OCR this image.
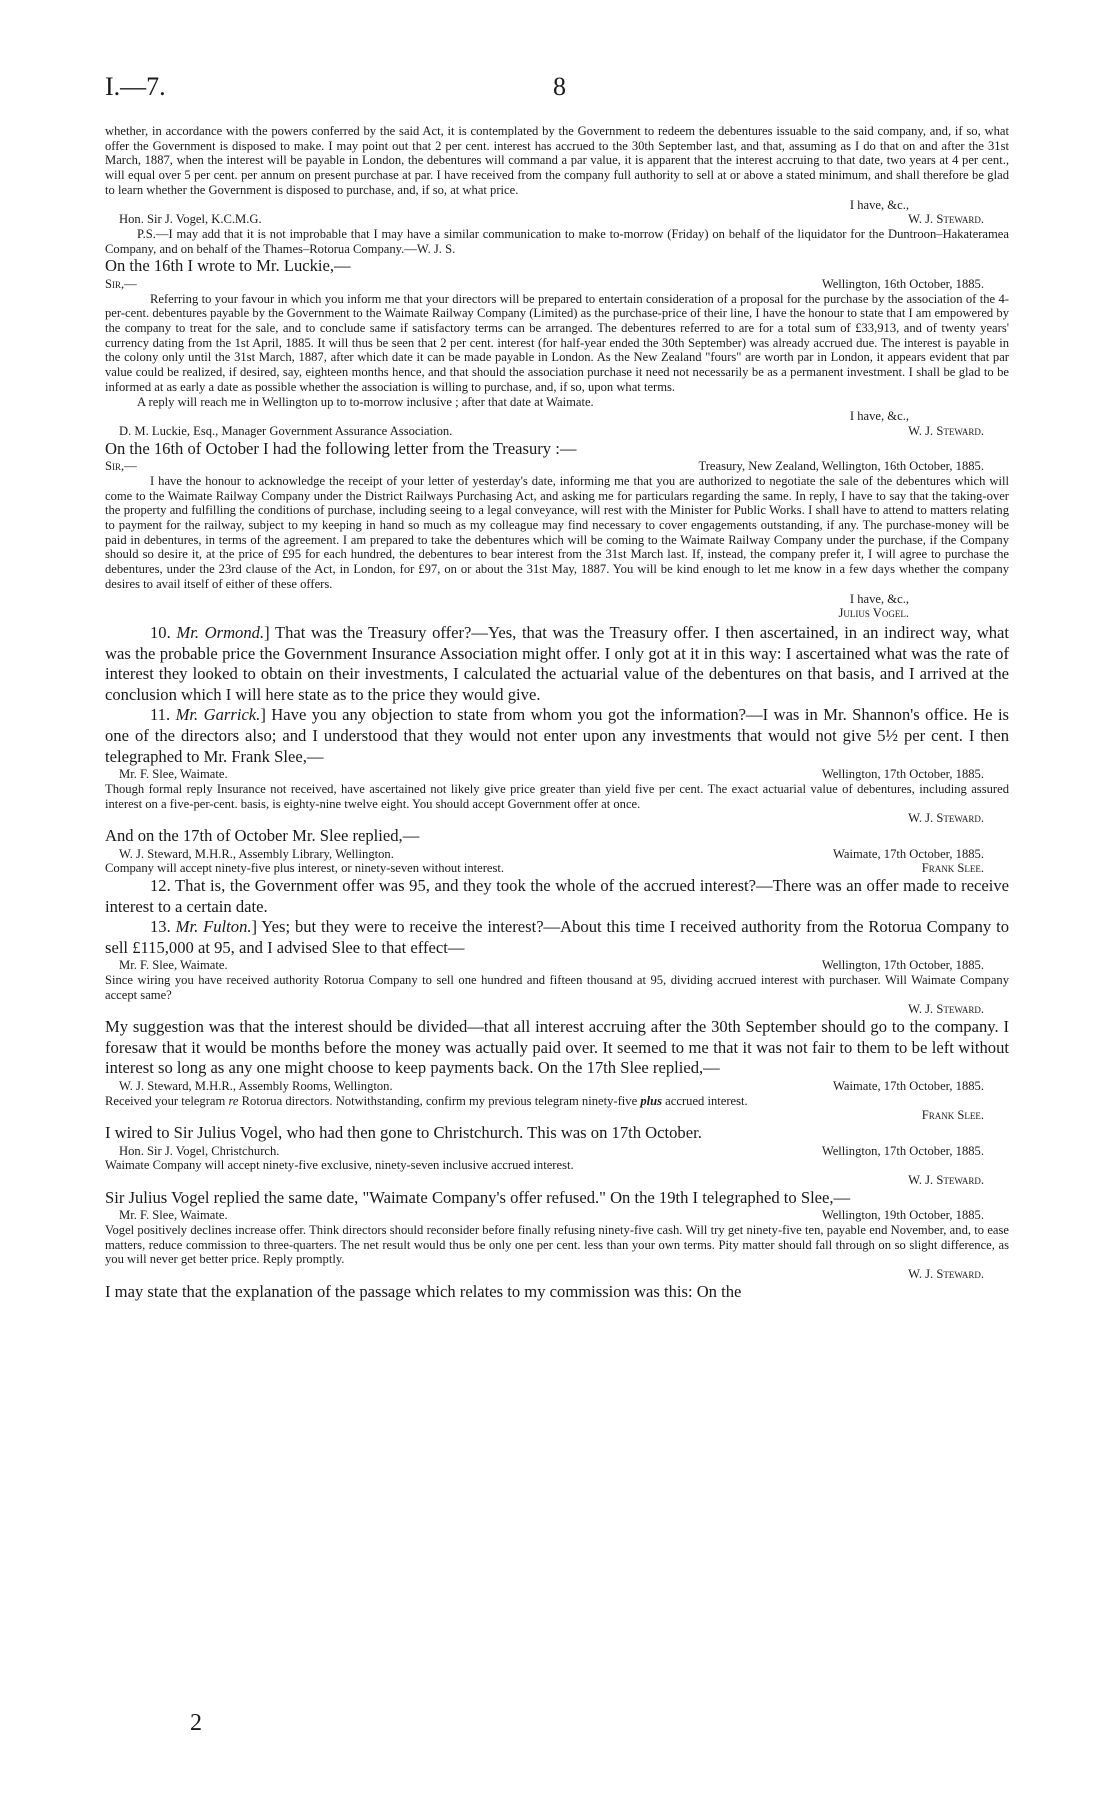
I.—7.	8

whether, in accordance with the powers conferred by the said Act, it is contemplated by the Government to redeem the debentures issuable to the said company, and, if so, what offer the Government is disposed to make. I may point out that 2 per cent. interest has accrued to the 30th September last, and that, assuming as I do that on and after the 31st March, 1887, when the interest will be payable in London, the debentures will command a par value, it is apparent that the interest accruing to that date, two years at 4 per cent., will equal over 5 per cent. per annum on present purchase at par. I have received from the company full authority to sell at or above a stated minimum, and shall therefore be glad to learn whether the Government is disposed to purchase, and, if so, at what price.

I have, &c.,

Hon. Sir J. Vogel, K.C.M.G.	W. J. Steward.

P.S.—I may add that it is not improbable that I may have a similar communication to make to-morrow (Friday) on behalf of the liquidator for the Duntroon–Hakateramea Company, and on behalf of the Thames–Rotorua Company.—W. J. S.

On the 16th I wrote to Mr. Luckie,—

Sir,—	Wellington, 16th October, 1885.

Referring to your favour in which you inform me that your directors will be prepared to entertain consideration of a proposal for the purchase by the association of the 4-per-cent. debentures payable by the Government to the Waimate Railway Company (Limited) as the purchase-price of their line, I have the honour to state that I am empowered by the company to treat for the sale, and to conclude same if satisfactory terms can be arranged. The debentures referred to are for a total sum of £33,913, and of twenty years' currency dating from the 1st April, 1885. It will thus be seen that 2 per cent. interest (for half-year ended the 30th September) was already accrued due. The interest is payable in the colony only until the 31st March, 1887, after which date it can be made payable in London. As the New Zealand "fours" are worth par in London, it appears evident that par value could be realized, if desired, say, eighteen months hence, and that should the association purchase it need not necessarily be as a permanent investment. I shall be glad to be informed at as early a date as possible whether the association is willing to purchase, and, if so, upon what terms.

A reply will reach me in Wellington up to to-morrow inclusive ; after that date at Waimate.

I have, &c.,

D. M. Luckie, Esq., Manager Government Assurance Association.	W. J. Steward.

On the 16th of October I had the following letter from the Treasury :—

Sir,—	Treasury, New Zealand, Wellington, 16th October, 1885.

I have the honour to acknowledge the receipt of your letter of yesterday's date, informing me that you are authorized to negotiate the sale of the debentures which will come to the Waimate Railway Company under the District Railways Purchasing Act, and asking me for particulars regarding the same. In reply, I have to say that the taking-over the property and fulfilling the conditions of purchase, including seeing to a legal conveyance, will rest with the Minister for Public Works. I shall have to attend to matters relating to payment for the railway, subject to my keeping in hand so much as my colleague may find necessary to cover engagements outstanding, if any. The purchase-money will be paid in debentures, in terms of the agreement. I am prepared to take the debentures which will be coming to the Waimate Railway Company under the purchase, if the Company should so desire it, at the price of £95 for each hundred, the debentures to bear interest from the 31st March last. If, instead, the company prefer it, I will agree to purchase the debentures, under the 23rd clause of the Act, in London, for £97, on or about the 31st May, 1887. You will be kind enough to let me know in a few days whether the company desires to avail itself of either of these offers.

I have, &c.,

Julius Vogel.

10. Mr. Ormond.] That was the Treasury offer?—Yes, that was the Treasury offer. I then ascertained, in an indirect way, what was the probable price the Government Insurance Association might offer. I only got at it in this way: I ascertained what was the rate of interest they looked to obtain on their investments, I calculated the actuarial value of the debentures on that basis, and I arrived at the conclusion which I will here state as to the price they would give.

11. Mr. Garrick.] Have you any objection to state from whom you got the information?—I was in Mr. Shannon's office. He is one of the directors also; and I understood that they would not enter upon any investments that would not give 5½ per cent. I then telegraphed to Mr. Frank Slee,—

Mr. F. Slee, Waimate.	Wellington, 17th October, 1885.

Though formal reply Insurance not received, have ascertained not likely give price greater than yield five per cent. The exact actuarial value of debentures, including assured interest on a five-per-cent. basis, is eighty-nine twelve eight. You should accept Government offer at once.

W. J. Steward.

And on the 17th of October Mr. Slee replied,—

W. J. Steward, M.H.R., Assembly Library, Wellington.	Waimate, 17th October, 1885.
Company will accept ninety-five plus interest, or ninety-seven without interest.	Frank Slee.

12. That is, the Government offer was 95, and they took the whole of the accrued interest?—There was an offer made to receive interest to a certain date.

13. Mr. Fulton.] Yes; but they were to receive the interest?—About this time I received authority from the Rotorua Company to sell £115,000 at 95, and I advised Slee to that effect—

Mr. F. Slee, Waimate.	Wellington, 17th October, 1885.

Since wiring you have received authority Rotorua Company to sell one hundred and fifteen thousand at 95, dividing accrued interest with purchaser. Will Waimate Company accept same?

W. J. Steward.

My suggestion was that the interest should be divided—that all interest accruing after the 30th September should go to the company. I foresaw that it would be months before the money was actually paid over. It seemed to me that it was not fair to them to be left without interest so long as any one might choose to keep payments back. On the 17th Slee replied,—

W. J. Steward, M.H.R., Assembly Rooms, Wellington.	Waimate, 17th October, 1885.

Received your telegram re Rotorua directors. Notwithstanding, confirm my previous telegram ninety-five plus accrued interest.

Frank Slee.

I wired to Sir Julius Vogel, who had then gone to Christchurch. This was on 17th October.

Hon. Sir J. Vogel, Christchurch.	Wellington, 17th October, 1885.

Waimate Company will accept ninety-five exclusive, ninety-seven inclusive accrued interest.

W. J. Steward.

Sir Julius Vogel replied the same date, "Waimate Company's offer refused." On the 19th I telegraphed to Slee,—

Mr. F. Slee, Waimate.	Wellington, 19th October, 1885.

Vogel positively declines increase offer. Think directors should reconsider before finally refusing ninety-five cash. Will try get ninety-five ten, payable end November, and, to ease matters, reduce commission to three-quarters. The net result would thus be only one per cent. less than your own terms. Pity matter should fall through on so slight difference, as you will never get better price. Reply promptly.

W. J. Steward.

I may state that the explanation of the passage which relates to my commission was this: On the

2
